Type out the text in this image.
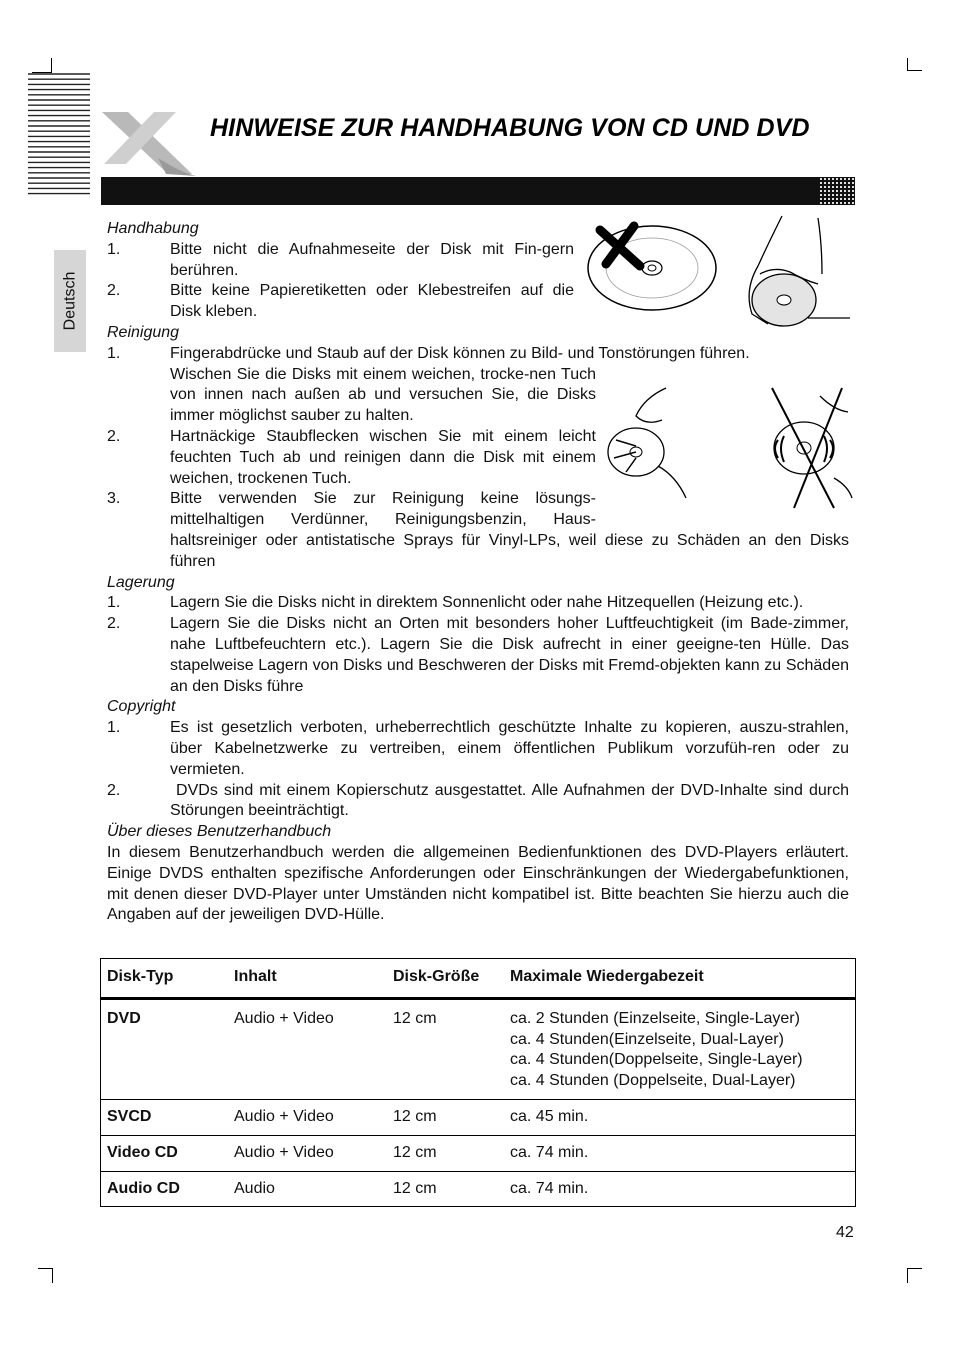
HINWEISE ZUR HANDHABUNG VON CD UND DVD
Deutsch
Handhabung
1.	Bitte nicht die Aufnahmeseite der Disk mit Fin-gern berühren.
2.	Bitte keine Papieretiketten oder Klebestreifen auf die Disk kleben.
Reinigung
1.	Fingerabdrücke und Staub auf der Disk können zu Bild- und Tonstörungen führen.
Wischen Sie die Disks mit einem weichen, trocke-nen Tuch von innen nach außen ab und versuchen Sie, die Disks immer möglichst sauber zu halten.
2.	Hartnäckige Staubflecken wischen Sie mit einem leicht feuchten Tuch ab und reinigen dann die Disk mit einem weichen, trockenen Tuch.
3.	Bitte verwenden Sie zur Reinigung keine lösungs-mittelhaltigen Verdünner, Reinigungsbenzin, Haus-haltsreiniger oder antistatische Sprays für Vinyl-LPs, weil diese zu Schäden an den Disks führen
Lagerung
1.	Lagern Sie die Disks nicht in direktem Sonnenlicht oder nahe Hitzequellen (Heizung etc.).
2.	Lagern Sie die Disks nicht an Orten mit besonders hoher Luftfeuchtigkeit (im Bade-zimmer, nahe Luftbefeuchtern etc.). Lagern Sie die Disk aufrecht in einer geeigne-ten Hülle. Das stapelweise Lagern von Disks und Beschweren der Disks mit Fremd-objekten kann zu Schäden an den Disks führe
Copyright
1.	Es ist gesetzlich verboten, urheberrechtlich geschützte Inhalte zu kopieren, auszu-strahlen, über Kabelnetzwerke zu vertreiben, einem öffentlichen Publikum vorzufüh-ren oder zu vermieten.
2.	DVDs sind mit einem Kopierschutz ausgestattet. Alle Aufnahmen der DVD-Inhalte sind durch Störungen beeinträchtigt.
Über dieses Benutzerhandbuch

In diesem Benutzerhandbuch werden die allgemeinen Bedienfunktionen des DVD-Players erläutert. Einige DVDS enthalten spezifische Anforderungen oder Einschränkungen der Wiedergabefunktionen, mit denen dieser DVD-Player unter Umständen nicht kompatibel ist. Bitte beachten Sie hierzu auch die Angaben auf der jeweiligen DVD-Hülle.

Disk-Typ	Inhalt	Disk-Größe	Maximale Wiedergabezeit
DVD	Audio + Video	12 cm	ca. 2 Stunden (Einzelseite, Single-Layer)
ca. 4 Stunden(Einzelseite, Dual-Layer)
ca. 4 Stunden(Doppelseite, Single-Layer)
ca. 4 Stunden (Doppelseite, Dual-Layer)

SVCD	Audio + Video	12 cm	ca. 45 min.
Video CD	Audio + Video	12 cm	ca. 74 min.
Audio CD	Audio	12 cm	ca. 74 min.
42
